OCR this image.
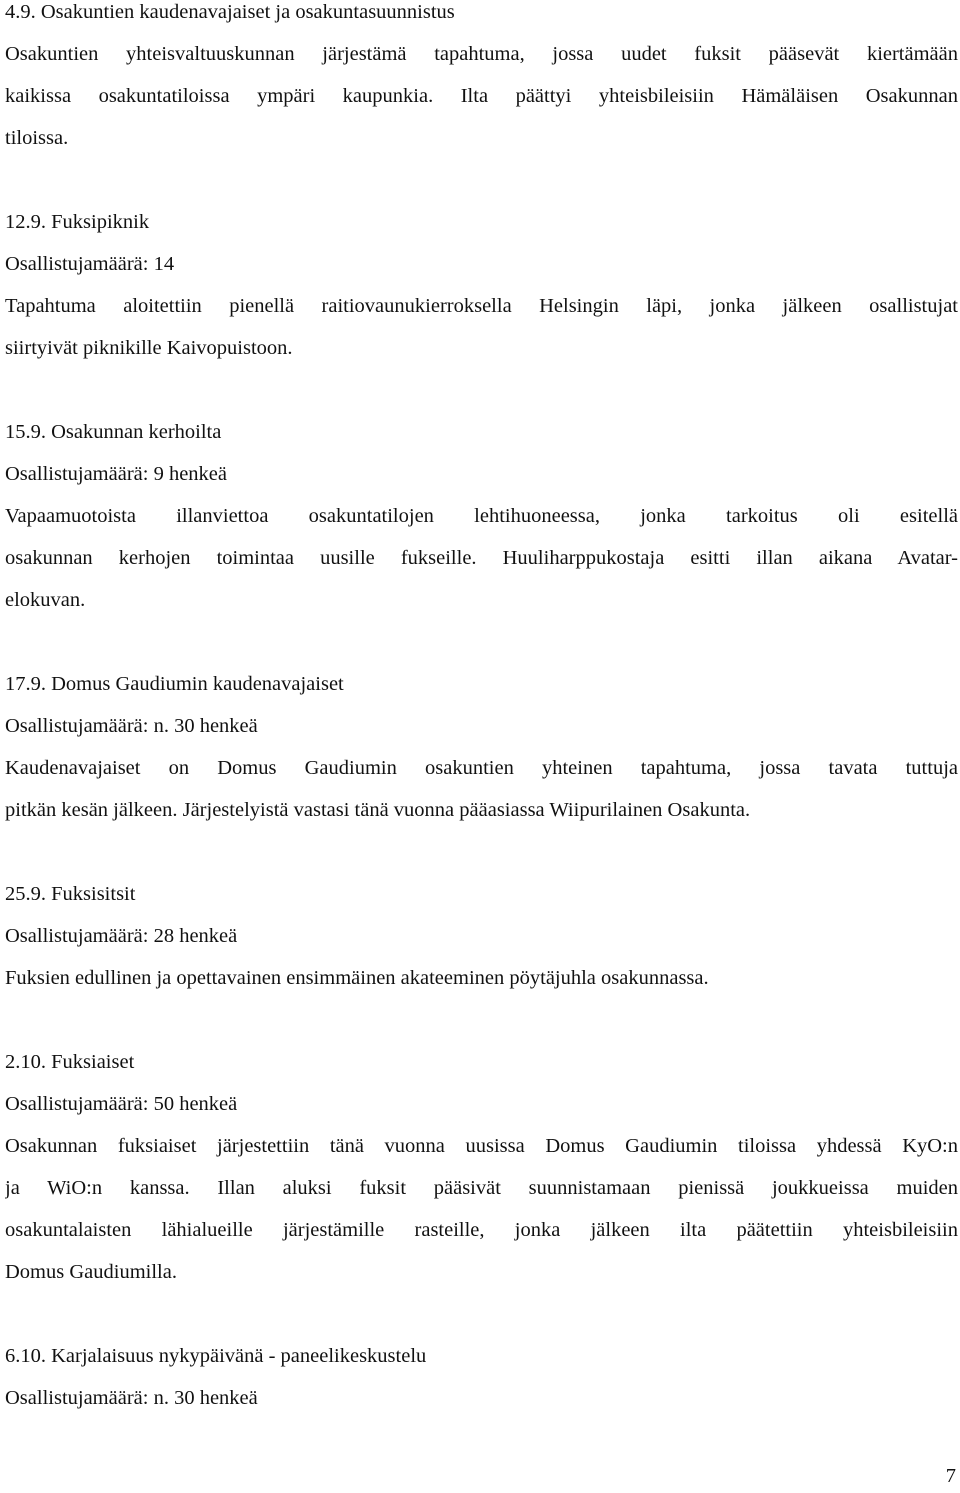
4.9. Osakuntien kaudenavajaiset ja osakuntasuunnistus
Osakuntien yhteisvaltuuskunnan järjestämä tapahtuma, jossa uudet fuksit pääsevät kiertämään
kaikissa osakuntatiloissa ympäri kaupunkia. Ilta päättyi yhteisbileisiin Hämäläisen Osakunnan
tiloissa.
12.9. Fuksipiknik
Osallistujamäärä: 14
Tapahtuma aloitettiin pienellä raitiovaunukierroksella Helsingin läpi, jonka jälkeen osallistujat
siirtyivät piknikille Kaivopuistoon.
15.9. Osakunnan kerhoilta
Osallistujamäärä: 9 henkeä
Vapaamuotoista illanviettoa osakuntatilojen lehtihuoneessa, jonka tarkoitus oli esitellä
osakunnan kerhojen toimintaa uusille fukseille. Huuliharppukostaja esitti illan aikana Avatar-
elokuvan.
17.9. Domus Gaudiumin kaudenavajaiset
Osallistujamäärä: n. 30 henkeä
Kaudenavajaiset on Domus Gaudiumin osakuntien yhteinen tapahtuma, jossa tavata tuttuja
pitkän kesän jälkeen. Järjestelyistä vastasi tänä vuonna pääasiassa Wiipurilainen Osakunta.
25.9. Fuksisitsit
Osallistujamäärä: 28 henkeä
Fuksien edullinen ja opettavainen ensimmäinen akateeminen pöytäjuhla osakunnassa.
2.10. Fuksiaiset
Osallistujamäärä: 50 henkeä
Osakunnan fuksiaiset järjestettiin tänä vuonna uusissa Domus Gaudiumin tiloissa yhdessä KyO:n
ja WiO:n kanssa. Illan aluksi fuksit pääsivät suunnistamaan pienissä joukkueissa muiden
osakuntalaisten lähialueille järjestämille rasteille, jonka jälkeen ilta päätettiin yhteisbileisiin
Domus Gaudiumilla.
6.10. Karjalaisuus nykypäivänä - paneelikeskustelu
Osallistujamäärä: n. 30 henkeä
7
